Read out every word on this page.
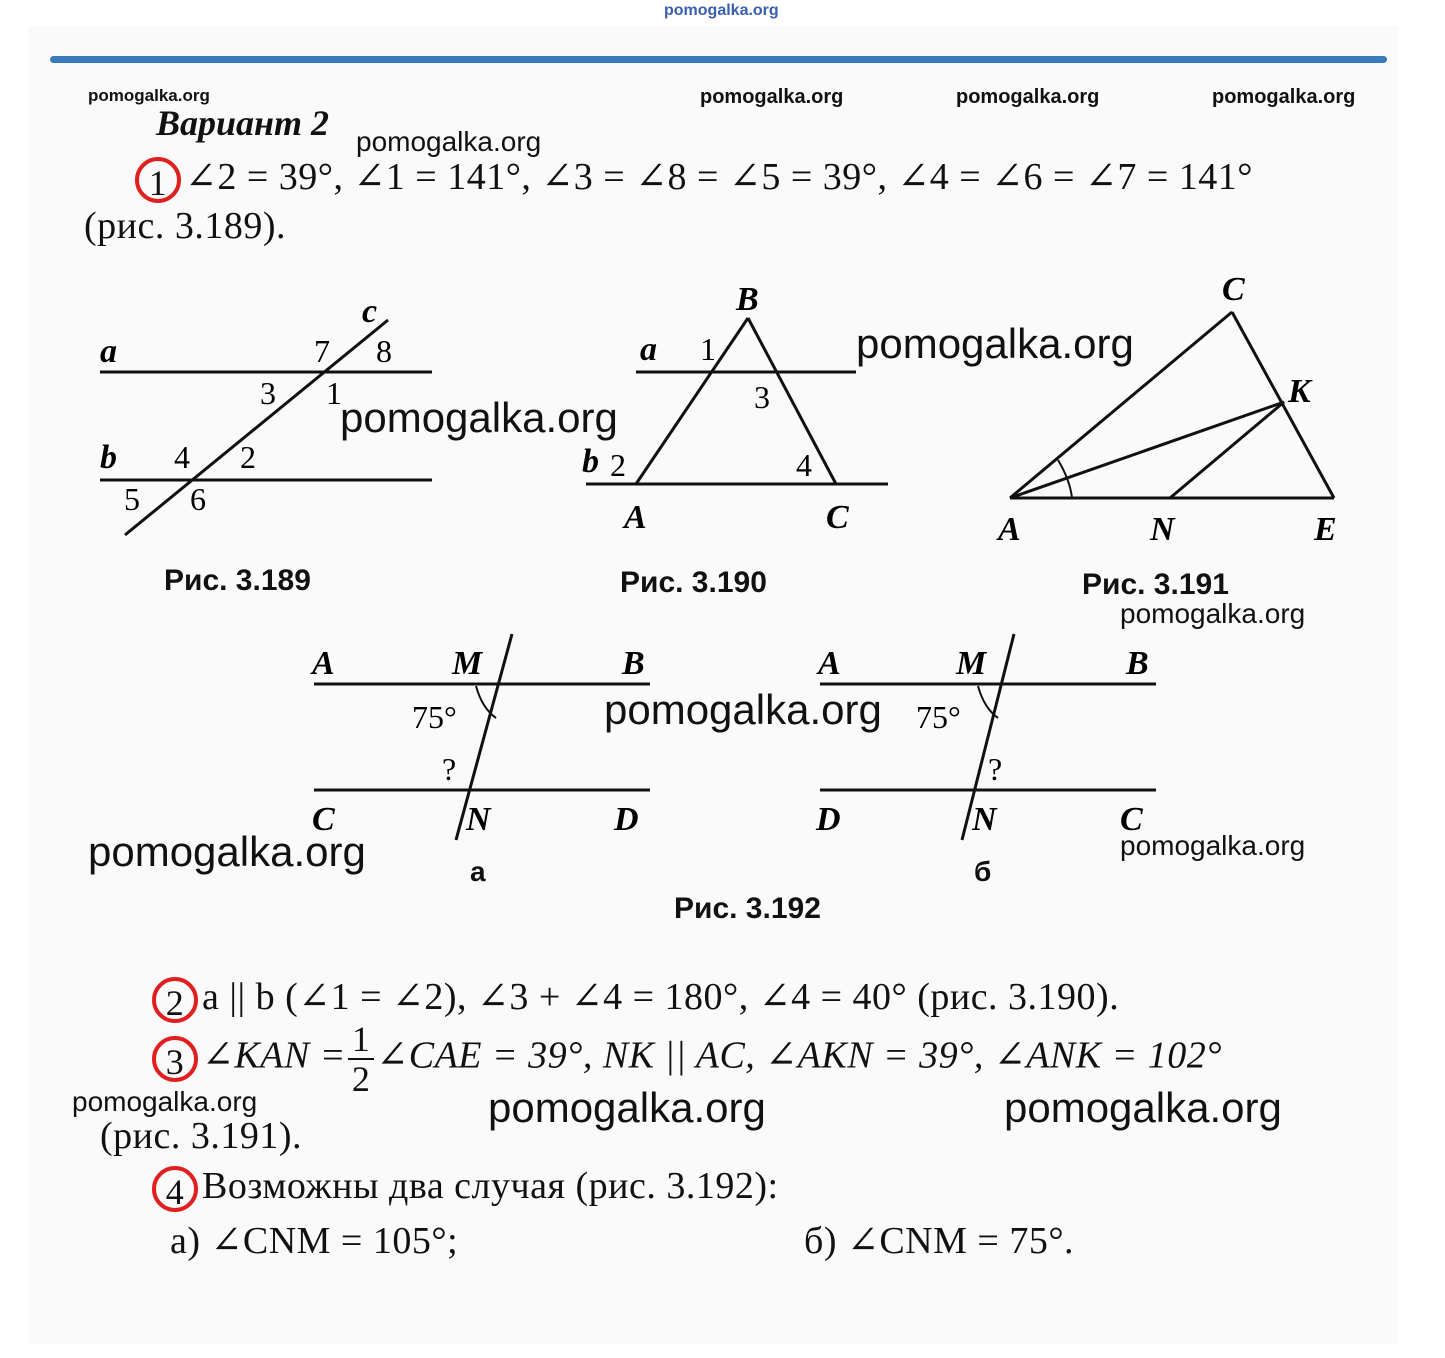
pomogalka.org
pomogalka.org	pomogalka.org	pomogalka.org	pomogalka.org
pomogalka.org
Вариант 2
1 ∠2 = 39°, ∠1 = 141°, ∠3 = ∠8 = ∠5 = 39°, ∠4 = ∠6 = ∠7 = 141°
(рис. 3.189).
a
b
c
7 8
3 1
4 2
5 6
Рис. 3.189
B
a 1
3
b 2	4
A	C
Рис. 3.190
C
K
A	N	E
Рис. 3.191
A	M	B
75°
?
C	N	D
а
A	M	B
75°
?
D	N	C
б
Рис. 3.192
pomogalka.org
pomogalka.org
pomogalka.org
pomogalka.org
pomogalka.org	pomogalka.org
2 a || b (∠1 = ∠2), ∠3 + ∠4 = 180°, ∠4 = 40° (рис. 3.190).
3 ∠KAN = $\frac{1}{2}$ ∠CAE = 39°, NK || AC, ∠AKN = 39°, ∠ANK = 102°
(рис. 3.191).
pomogalka.org	pomogalka.org	pomogalka.org
4 Возможны два случая (рис. 3.192):
а) ∠CNM = 105°;	б) ∠CNM = 75°.
